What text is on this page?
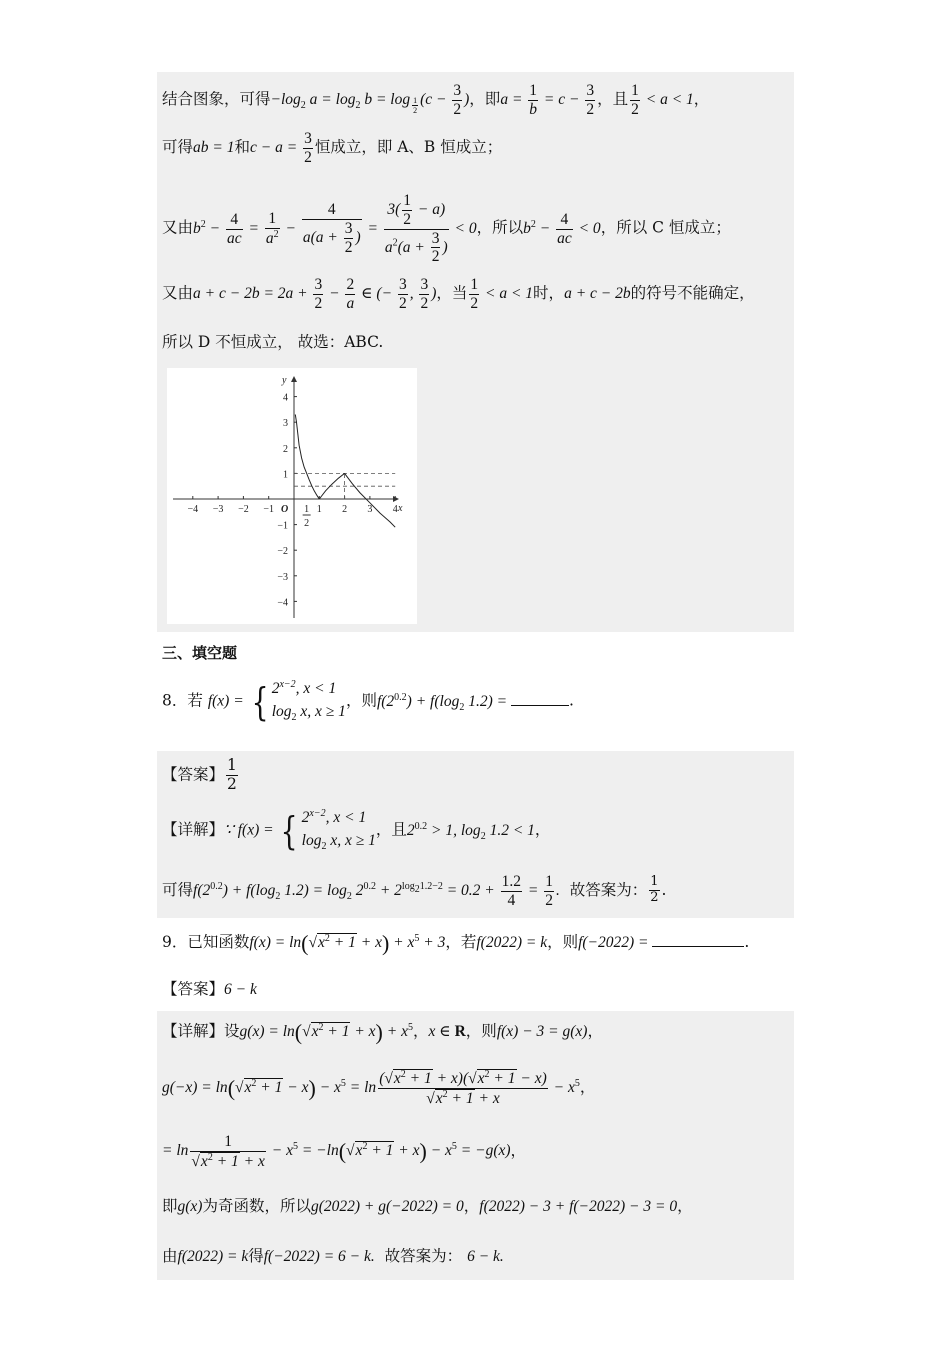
结合图象，可得$-\log_2$ $a = \log_2 b = \log _{\frac{1}{2}}$ ($c - \frac{3}{2}$ )，即$a = \frac{1}{b} = c - \frac{3}{2}$ ，且 $\frac{1}{2} < a < 1$，
可得ab = 1和$c - a = \frac{3}{2}$ 恒成立，即 A、B 恒成立；
又由$b^2 - \frac{4}{ac} = \frac{1}{a^2} - \frac{4}{a(a + \frac{3}{2} )} = \frac{3( \frac{1}{2} - a)}{a^2(a + \frac{3}{2} )} < 0$，所以$b^2 - \frac{4}{ac} < 0$，所以 C 恒成立；
又由$a + c - 2b = 2a + \frac{3}{2} - \frac{2}{a}$ ∈ (− $\frac{3}{2}$ , $\frac{3}{2}$ )，当 $\frac{1}{2} < a < 1$时，a + c − 2b的符号不能确定，
所以 D 不恒成立， 故选：ABC.
x
y
O
−4 −3 −2 −1	1 2 3 4
−4
−3
−2
−1
1
2
3
4
1
2
三、填空题
8．若 f(x) = { $2^{x-2}$, x < 1
$\log_2 x$, x ≥ 1
，则$f(2^{0.2}) + f(\log_2$ 1.2) =	.
【答案】 $\frac{1}{2}$
【详解】∵ f(x) = { $2^{x-2}$, x < 1
$\log_2 x$, x ≥ 1
，且$2^{0.2} > 1$, $\log_2 1.2 < 1$，
可得$f(2^{0.2}) + f(\log_2$ $1.2) = \log_2 2^{0.2} + 2^{log_21.2-2} = 0.2 + \frac{1.2}{4} = \frac{1}{2}$ . 故答案为： $\frac{1}{2}$ .
9．已知函数$f(x) = \ln(√x^2 + 1 + x) + x^5 + 3$，若f(2022) = k，则f(−2022) =	.
【答案】6 − k
【详解】设$g(x) = \ln(√x^2 + 1 + x) + x^5$，x ∈ R，则f(x) − 3 = g(x)，
$g(-x) = \ln(√x^2 + 1 - x) - x^5 = \ln \frac{(√x^2 + 1 + x)(√x^2 + 1 - x)}{√x^2 + 1 + x} - x^5$，
= $\ln \frac{1}{√x^2 + 1 + x} - x^5 = -\ln(√x^2 + 1 + x) - x^5 = -g(x)$，
即g(x)为奇函数，所以g(2022) + g(−2022) = 0，f(2022) − 3 + f(−2022) − 3 = 0，
由f(2022) = k得f(−2022) = 6 − k. 故答案为： 6 − k.
